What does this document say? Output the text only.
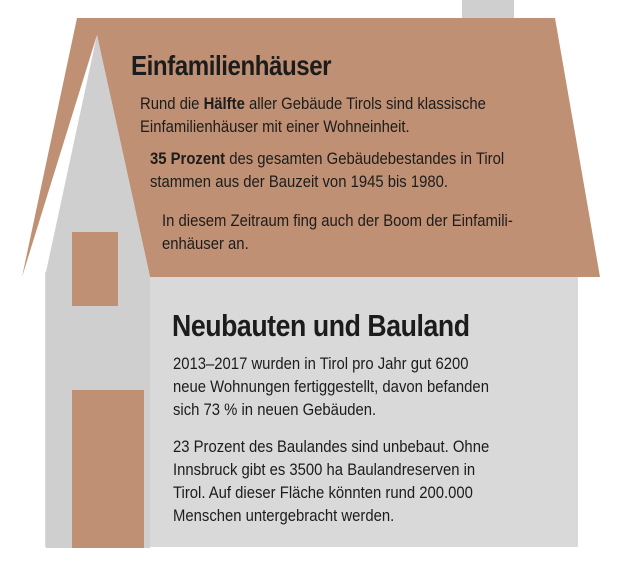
Einfamilienhäuser
Rund die Hälfte aller Gebäude Tirols sind klassische
Einfamilienhäuser mit einer Wohneinheit.
35 Prozent des gesamten Gebäudebestandes in Tirol
stammen aus der Bauzeit von 1945 bis 1980.
In diesem Zeitraum fing auch der Boom der Einfamili-
enhäuser an.
Neubauten und Bauland
2013–2017 wurden in Tirol pro Jahr gut 6200
neue Wohnungen fertiggestellt, davon befanden
sich 73 % in neuen Gebäuden.
23 Prozent des Baulandes sind unbebaut. Ohne
Innsbruck gibt es 3500 ha Baulandreserven in
Tirol. Auf dieser Fläche könnten rund 200.000
Menschen untergebracht werden.
